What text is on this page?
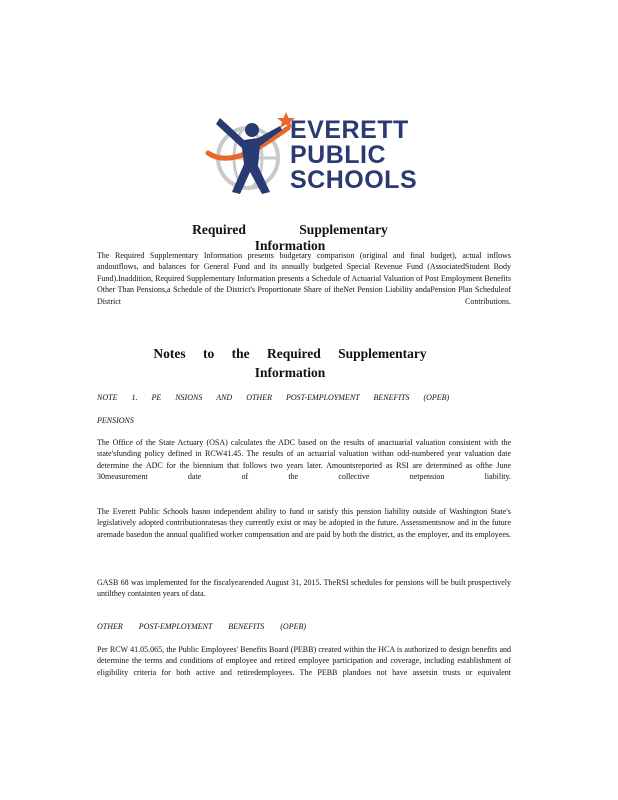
EVERETT
PUBLIC
SCHOOLS
Required Supplementary Information
The Required Supplementary Information presents budgetary comparison (original and final budget), actual inflows andoutflows, and balances for General Fund and its annually budgeted Special Revenue Fund (AssociatedStudent Body Fund).Inaddition, Required Supplementary Information presents a Schedule of Actuarial Valuation of Post Employment Benefits Other Than Pensions,a Schedule of the District's Proportionate Share of theNet Pension Liability andaPension Plan Scheduleof District Contributions.
Notes to the Required Supplementary Information
NOTE 1. PE NSIONS AND OTHER POST-EMPLOYMENT BENEFITS (OPEB)
PENSIONS
The Office of the State Actuary (OSA) calculates the ADC based on the results of anactuarial valuation consistent with the state'sfunding policy defined in RCW41.45. The results of an actuarial valuation withan odd-numbered year valuation date determine the ADC for the biennium that follows two years later. Amountsreported as RSI are determined as ofthe June 30measurement date of the collective netpension liability.
The Everett Public Schools hasno independent ability to fund or satisfy this pension liability outside of Washington State's legislatively adopted contributionratesas they currently exist or may be adopted in the future. Assessmentsnow and in the future aremade basedon the annual qualified worker compensation and are paid by both the district, as the employer, and its employees.
GASB 68 was implemented for the fiscalyearended August 31, 2015. TheRSI schedules for pensions will be built prospectively untilthey containten years of data.
OTHER POST-EMPLOYMENT BENEFITS (OPEB)
Per RCW 41.05.065, the Public Employees' Benefits Board (PEBB) created within the HCA is authorized to design benefits and determine the terms and conditions of employee and retired employee participation and coverage, including establishment of eligibility criteria for both active and retiredemployees. The PEBB plandoes not have assetsin trusts or equivalent
